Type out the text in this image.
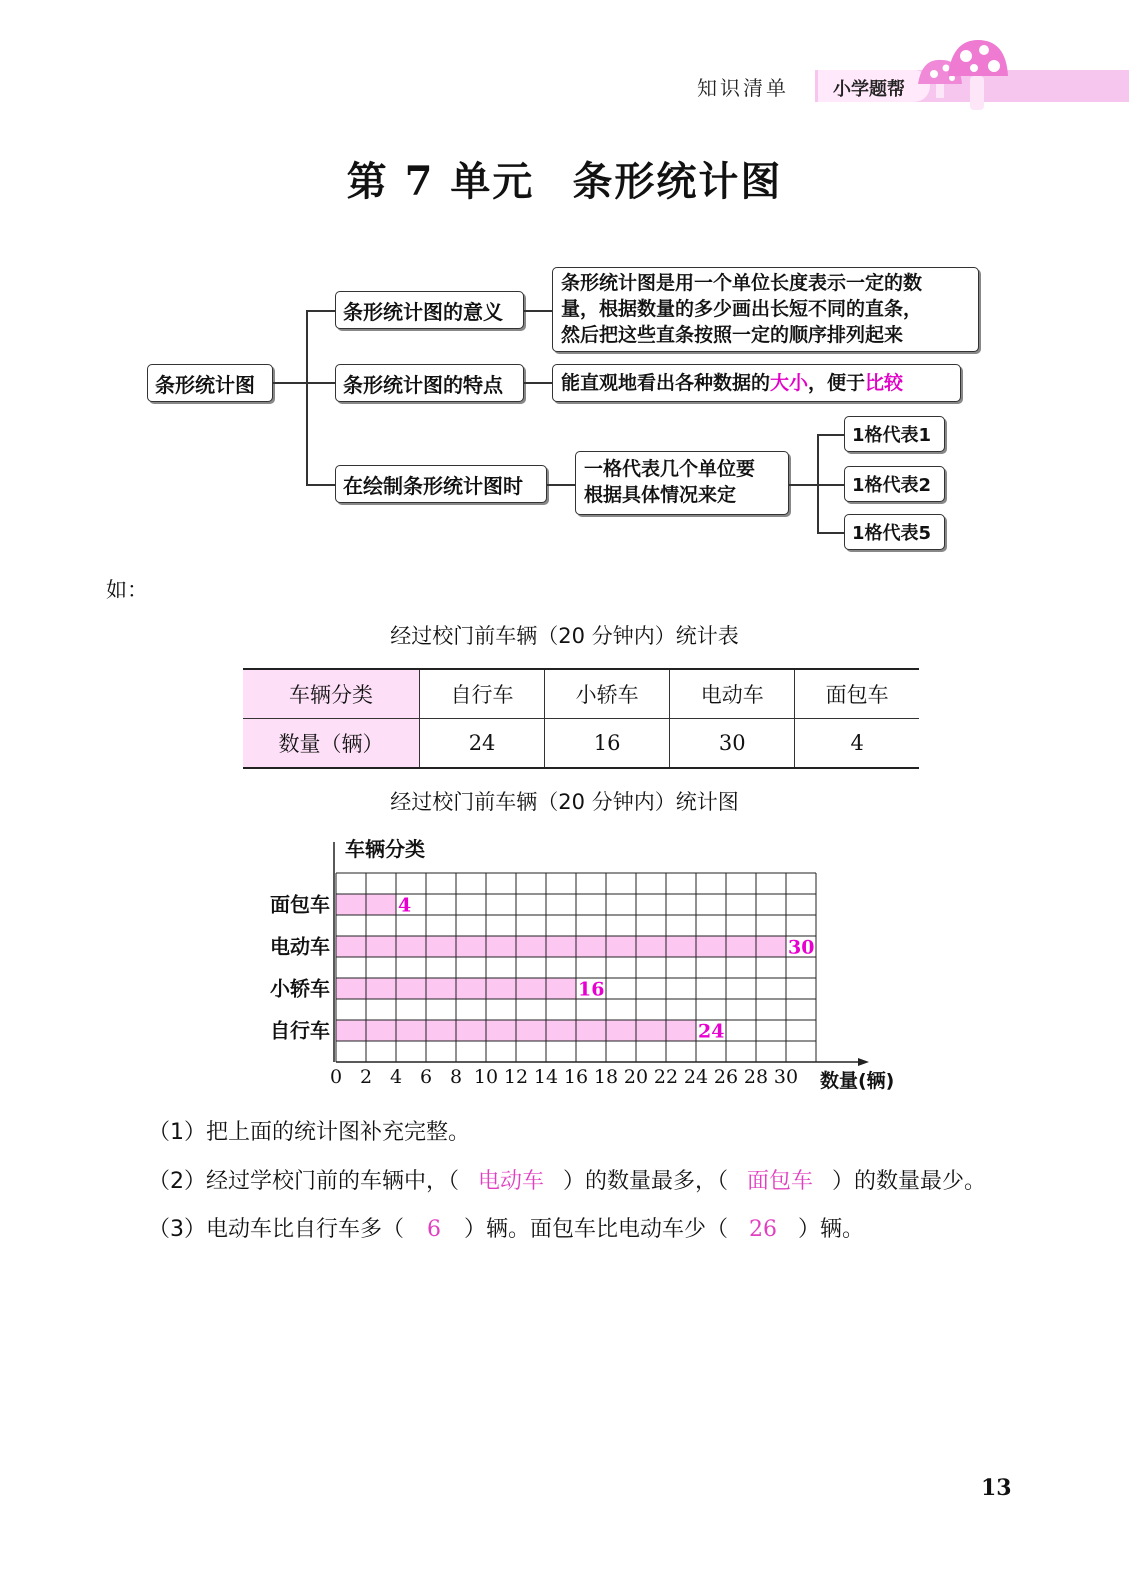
知识清单 小学题帮
第 7 单元 条形统计图
条形统计图
条形统计图的意义
条形统计图是用一个单位长度表示一定的数
量，根据数量的多少画出长短不同的直条，
然后把这些直条按照一定的顺序排列起来
条形统计图的特点	能直观地看出各种数据的大小，便于比较
在绘制条形统计图时
一格代表几个单位要
根据具体情况来定
1格代表1
1格代表2
1格代表5
如：
经过校门前车辆（20 分钟内）统计表
车辆分类	自行车	小轿车	电动车	面包车
数量（辆）	24	16	30	4
经过校门前车辆（20 分钟内）统计图
车辆分类
数量(辆)
面包车	4
电动车	30
小轿车	16
自行车	24
0 2 4 6 8 10 12 14 16 18 20 22 24 26 28 30
（1）把上面的统计图补充完整。
（2）经过学校门前的车辆中，（ 电动车 ）的数量最多，（ 面包车 ）的数量最少。
（3）电动车比自行车多（ 6 ）辆。面包车比电动车少（ 26 ）辆。
13
